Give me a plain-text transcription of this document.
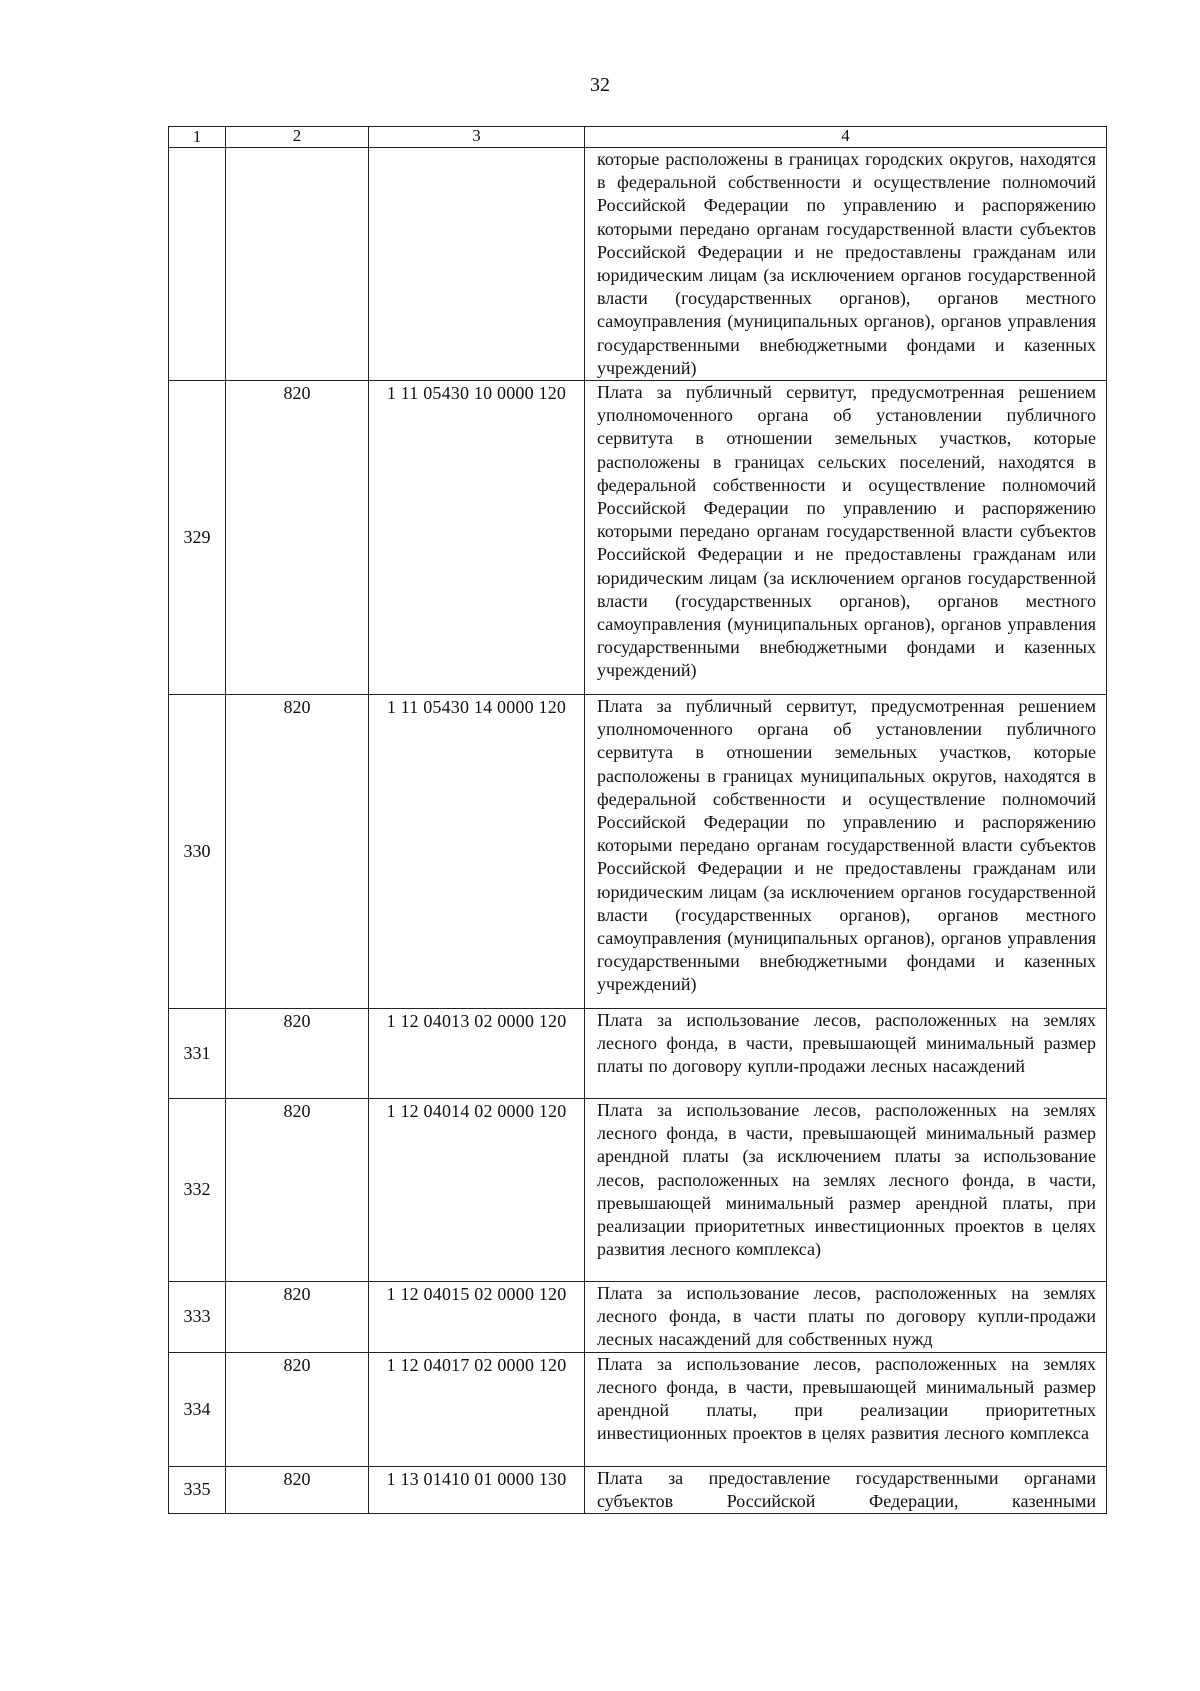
32
1	2	3	4

			которые расположены в границах городских округов, находятся в федеральной собственности и осуществление полномочий Российской Федерации по управлению и распоряжению которыми передано органам государственной власти субъектов Российской Федерации и не предоставлены гражданам или юридическим лицам (за исключением органов государственной власти (государственных органов), органов местного самоуправления (муниципальных органов), органов управления государственными внебюджетными фондами и казенных учреждений)

329	820	1 11 05430 10 0000 120	Плата за публичный сервитут, предусмотренная решением уполномоченного органа об установлении публичного сервитута в отношении земельных участков, которые расположены в границах сельских поселений, находятся в федеральной собственности и осуществление полномочий Российской Федерации по управлению и распоряжению которыми передано органам государственной власти субъектов Российской Федерации и не предоставлены гражданам или юридическим лицам (за исключением органов государственной власти (государственных органов), органов местного самоуправления (муниципальных органов), органов управления государственными внебюджетными фондами и казенных учреждений)

330	820	1 11 05430 14 0000 120	Плата за публичный сервитут, предусмотренная решением уполномоченного органа об установлении публичного сервитута в отношении земельных участков, которые расположены в границах муниципальных округов, находятся в федеральной собственности и осуществление полномочий Российской Федерации по управлению и распоряжению которыми передано органам государственной власти субъектов Российской Федерации и не предоставлены гражданам или юридическим лицам (за исключением органов государственной власти (государственных органов), органов местного самоуправления (муниципальных органов), органов управления государственными внебюджетными фондами и казенных учреждений)

331	820	1 12 04013 02 0000 120	Плата за использование лесов, расположенных на землях лесного фонда, в части, превышающей минимальный размер платы по договору купли-продажи лесных насаждений

332	820	1 12 04014 02 0000 120	Плата за использование лесов, расположенных на землях лесного фонда, в части, превышающей минимальный размер арендной платы (за исключением платы за использование лесов, расположенных на землях лесного фонда, в части, превышающей минимальный размер арендной платы, при реализации приоритетных инвестиционных проектов в целях развития лесного комплекса)

333	820	1 12 04015 02 0000 120	Плата за использование лесов, расположенных на землях лесного фонда, в части платы по договору купли-продажи лесных насаждений для собственных нужд

334	820	1 12 04017 02 0000 120	Плата за использование лесов, расположенных на землях лесного фонда, в части, превышающей минимальный размер арендной платы, при реализации приоритетных инвестиционных проектов в целях развития лесного комплекса

335	820	1 13 01410 01 0000 130	Плата за предоставление государственными органами субъектов Российской Федерации, казенными
